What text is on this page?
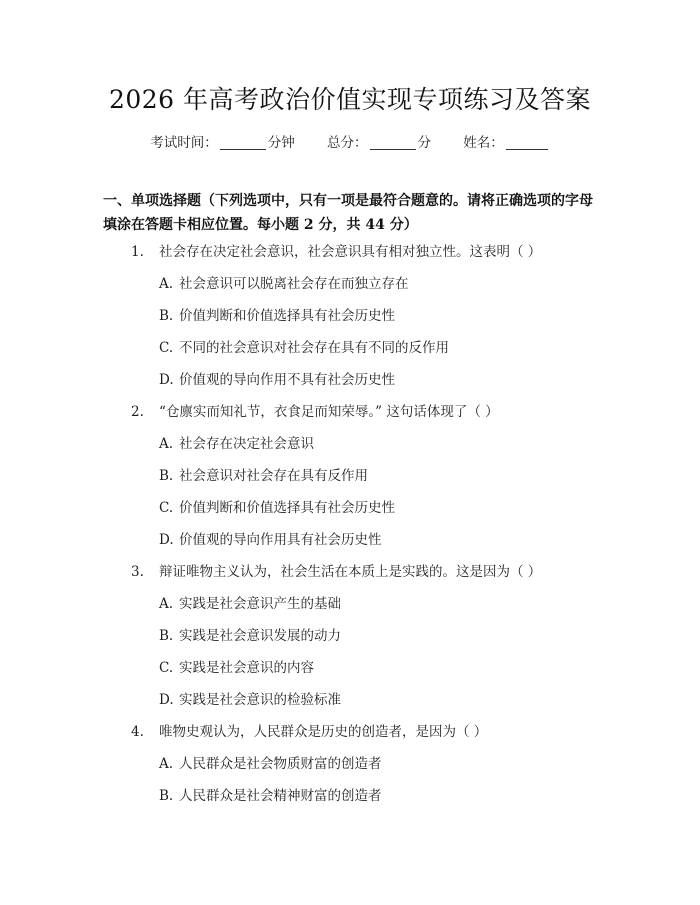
2026 年高考政治价值实现专项练习及答案
考试时间：	分钟 总分：	分 姓名：
一、单项选择题（下列选项中，只有一项是最符合题意的。请将正确选项的字母
填涂在答题卡相应位置。每小题 2 分，共 44 分）
1.	社会存在决定社会意识，社会意识具有相对独立性。这表明（ ）
A. 社会意识可以脱离社会存在而独立存在
B. 价值判断和价值选择具有社会历史性
C. 不同的社会意识对社会存在具有不同的反作用
D. 价值观的导向作用不具有社会历史性
2.	“仓廪实而知礼节，衣食足而知荣辱。” 这句话体现了（ ）
A. 社会存在决定社会意识
B. 社会意识对社会存在具有反作用
C. 价值判断和价值选择具有社会历史性
D. 价值观的导向作用具有社会历史性
3.	辩证唯物主义认为，社会生活在本质上是实践的。这是因为（ ）
A. 实践是社会意识产生的基础
B. 实践是社会意识发展的动力
C. 实践是社会意识的内容
D. 实践是社会意识的检验标准
4.	唯物史观认为，人民群众是历史的创造者，是因为（ ）
A. 人民群众是社会物质财富的创造者
B. 人民群众是社会精神财富的创造者
